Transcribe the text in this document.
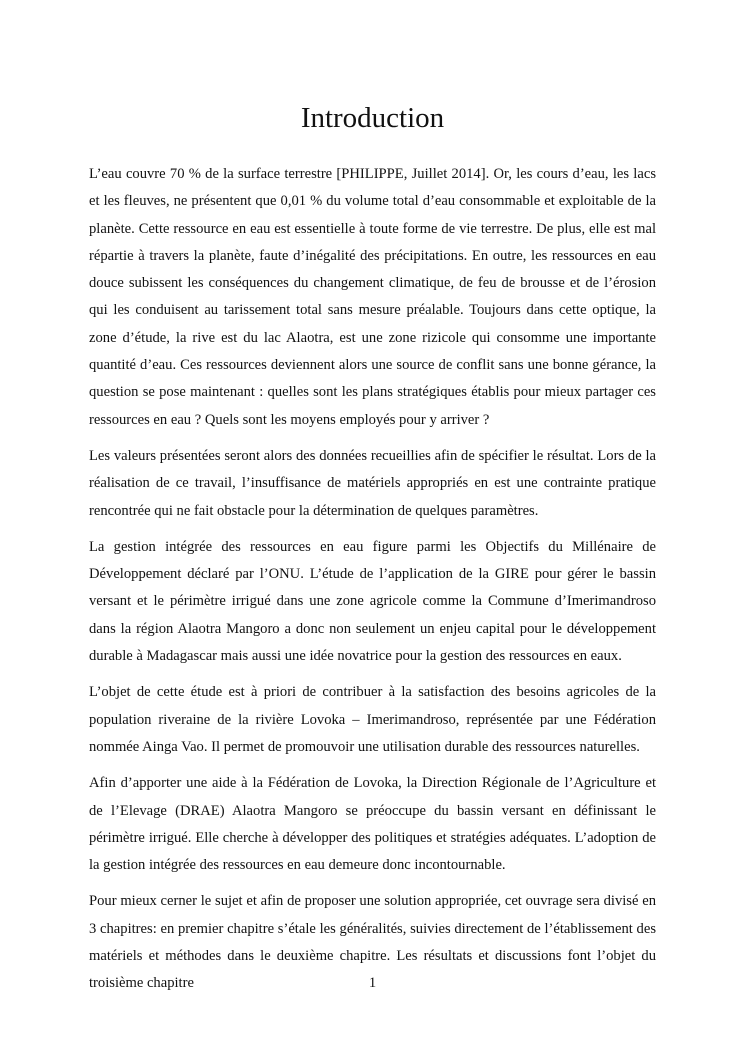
Introduction

L’eau couvre 70 % de la surface terrestre [PHILIPPE, Juillet 2014]. Or, les cours d’eau, les lacs et les fleuves, ne présentent que 0,01 % du volume total d’eau consommable et exploitable de la planète. Cette ressource en eau est essentielle à toute forme de vie terrestre. De plus, elle est mal répartie à travers la planète, faute d’inégalité des précipitations. En outre, les ressources en eau douce subissent les conséquences du changement climatique, de feu de brousse et de l’érosion qui les conduisent au tarissement total sans mesure préalable. Toujours dans cette optique, la zone d’étude, la rive est du lac Alaotra, est une zone rizicole qui consomme une importante quantité d’eau. Ces ressources deviennent alors une source de conflit sans une bonne gérance, la question se pose maintenant : quelles sont les plans stratégiques établis pour mieux partager ces ressources en eau ? Quels sont les moyens employés pour y arriver ?

Les valeurs présentées seront alors des données recueillies afin de spécifier le résultat. Lors de la réalisation de ce travail, l’insuffisance de matériels appropriés en est une contrainte pratique rencontrée qui ne fait obstacle pour la détermination de quelques paramètres.

La gestion intégrée des ressources en eau figure parmi les Objectifs du Millénaire de Développement déclaré par l’ONU. L’étude de l’application de la GIRE pour gérer le bassin versant et le périmètre irrigué dans une zone agricole comme la Commune d’Imerimandroso dans la région Alaotra Mangoro a donc non seulement un enjeu capital pour le développement durable à Madagascar mais aussi une idée novatrice pour la gestion des ressources en eaux.

L’objet de cette étude est à priori de contribuer à la satisfaction des besoins agricoles de la population riveraine de la rivière Lovoka – Imerimandroso, représentée par une Fédération nommée Ainga Vao. Il permet de promouvoir une utilisation durable des ressources naturelles.

Afin d’apporter une aide à la Fédération de Lovoka, la Direction Régionale de l’Agriculture et de l’Elevage (DRAE) Alaotra Mangoro se préoccupe du bassin versant en définissant le périmètre irrigué. Elle cherche à développer des politiques et stratégies adéquates. L’adoption de la gestion intégrée des ressources en eau demeure donc incontournable.

Pour mieux cerner le sujet et afin de proposer une solution appropriée, cet ouvrage sera divisé en 3 chapitres: en premier chapitre s’étale les généralités, suivies directement de l’établissement des matériels et méthodes dans le deuxième chapitre. Les résultats et discussions font l’objet du troisième chapitre	1
